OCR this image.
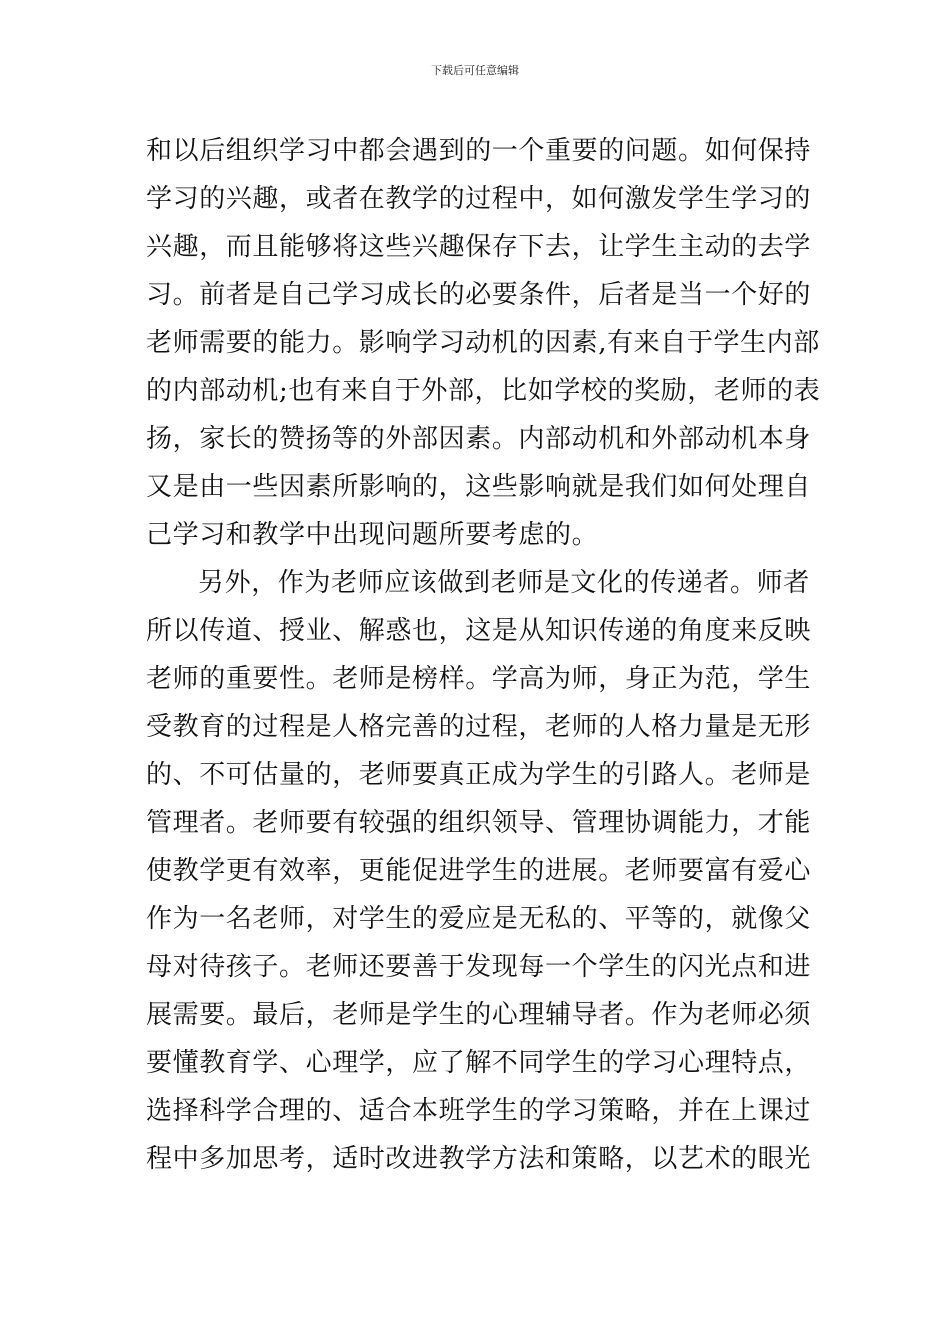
下载后可任意编辑
和以后组织学习中都会遇到的一个重要的问题。如何保持
学习的兴趣，或者在教学的过程中，如何激发学生学习的
兴趣，而且能够将这些兴趣保存下去，让学生主动的去学
习。前者是自己学习成长的必要条件，后者是当一个好的
老师需要的能力。影响学习动机的因素,有来自于学生内部
的内部动机;也有来自于外部，比如学校的奖励，老师的表
扬，家长的赞扬等的外部因素。内部动机和外部动机本身
又是由一些因素所影响的，这些影响就是我们如何处理自
己学习和教学中出现问题所要考虑的。
另外，作为老师应该做到老师是文化的传递者。师者
所以传道、授业、解惑也，这是从知识传递的角度来反映
老师的重要性。老师是榜样。学高为师，身正为范，学生
受教育的过程是人格完善的过程，老师的人格力量是无形
的、不可估量的，老师要真正成为学生的引路人。老师是
管理者。老师要有较强的组织领导、管理协调能力，才能
使教学更有效率，更能促进学生的进展。老师要富有爱心
作为一名老师，对学生的爱应是无私的、平等的，就像父
母对待孩子。老师还要善于发现每一个学生的闪光点和进
展需要。最后，老师是学生的心理辅导者。作为老师必须
要懂教育学、心理学，应了解不同学生的学习心理特点，
选择科学合理的、适合本班学生的学习策略，并在上课过
程中多加思考，适时改进教学方法和策略，以艺术的眼光
